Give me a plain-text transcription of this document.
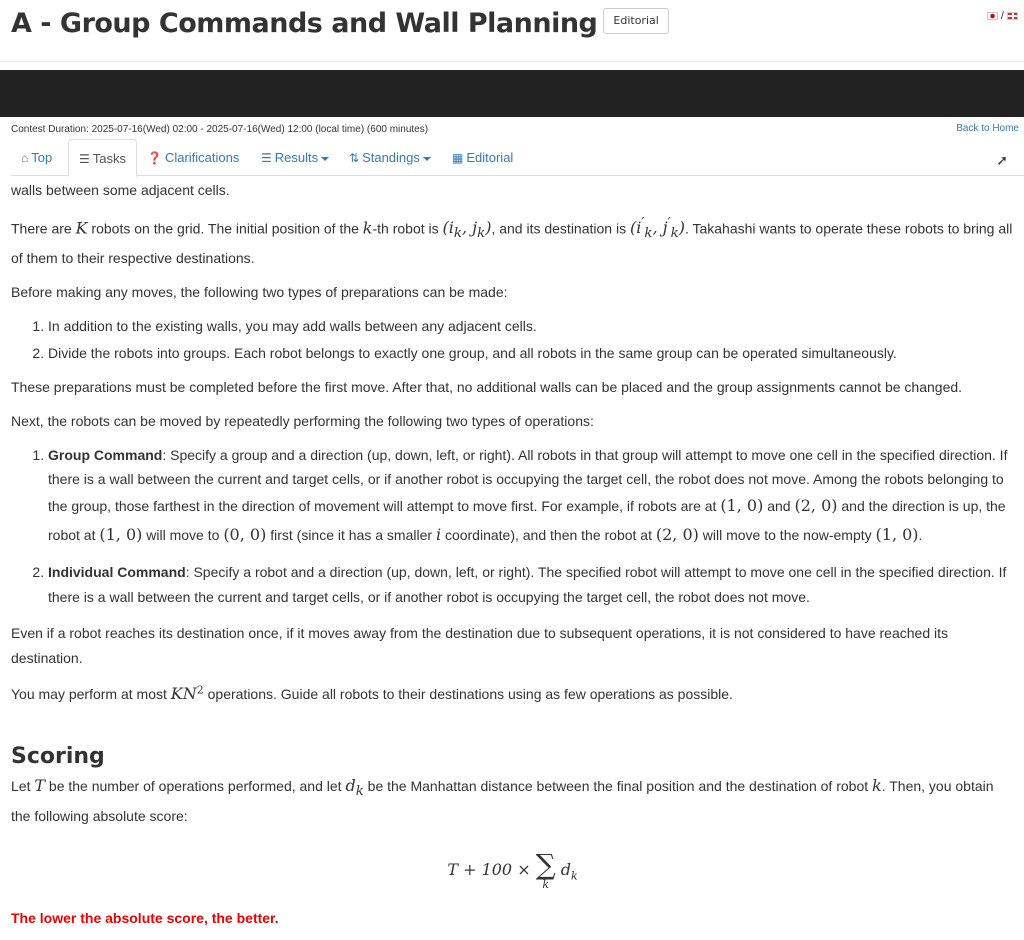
A - Group Commands and Wall Planning Editorial	/
Contest Duration: 2025-07-16(Wed) 02:00 - 2025-07-16(Wed) 12:00 (local time) (600 minutes)	Back to Home
⌂ Top	☰ Tasks	❓ Clarifications	☰ Results	⇅ Standings	▦ Editorial	➚

walls between some adjacent cells.

There are K robots on the grid. The initial position of the k-th robot is ($i_k$, $j_k$), and its destination is ($i'_k$, $j'_k$). Takahashi wants to operate these robots to bring all of them to their respective destinations.

Before making any moves, the following two types of preparations can be made:

1. In addition to the existing walls, you may add walls between any adjacent cells.
2. Divide the robots into groups. Each robot belongs to exactly one group, and all robots in the same group can be operated simultaneously.

These preparations must be completed before the first move. After that, no additional walls can be placed and the group assignments cannot be changed.

Next, the robots can be moved by repeatedly performing the following two types of operations:

1. Group Command: Specify a group and a direction (up, down, left, or right). All robots in that group will attempt to move one cell in the specified direction. If there is a wall between the current and target cells, or if another robot is occupying the target cell, the robot does not move. Among the robots belonging to the group, those farthest in the direction of movement will attempt to move first. For example, if robots are at (1, 0) and (2, 0) and the direction is up, the robot at (1, 0) will move to (0, 0) first (since it has a smaller i coordinate), and then the robot at (2, 0) will move to the now-empty (1, 0).
2. Individual Command: Specify a robot and a direction (up, down, left, or right). The specified robot will attempt to move one cell in the specified direction. If there is a wall between the current and target cells, or if another robot is occupying the target cell, the robot does not move.

Even if a robot reaches its destination once, if it moves away from the destination due to subsequent operations, it is not considered to have reached its destination.

You may perform at most $KN^2$ operations. Guide all robots to their destinations using as few operations as possible.

Scoring

Let T be the number of operations performed, and let $d_k$ be the Manhattan distance between the final position and the destination of robot k. Then, you obtain the following absolute score:

T + 100 × ∑
k
$d_k$

The lower the absolute score, the better.
